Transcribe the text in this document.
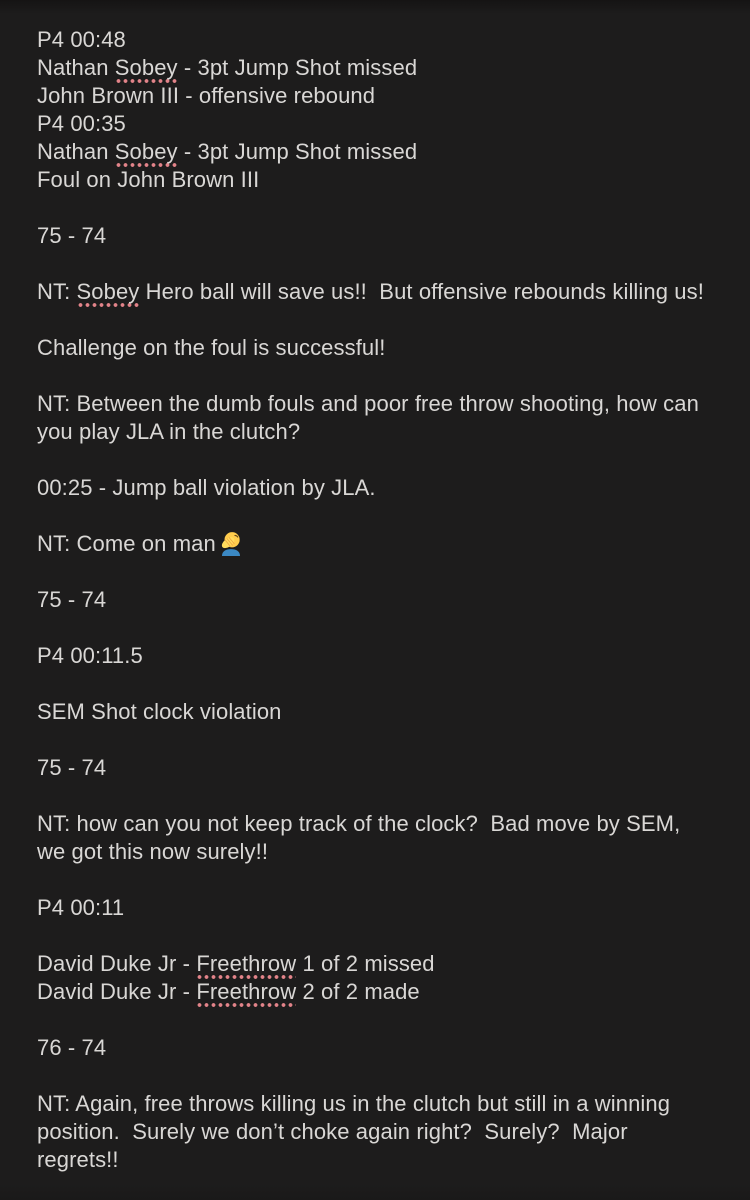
P4 00:48
Nathan Sobey - 3pt Jump Shot missed
John Brown III - offensive rebound
P4 00:35
Nathan Sobey - 3pt Jump Shot missed
Foul on John Brown III
75 - 74
NT: Sobey Hero ball will save us!!  But offensive rebounds killing us!
Challenge on the foul is successful!
NT: Between the dumb fouls and poor free throw shooting, how can
you play JLA in the clutch?
00:25 - Jump ball violation by JLA.
NT: Come on man
75 - 74
P4 00:11.5
SEM Shot clock violation
75 - 74
NT: how can you not keep track of the clock?  Bad move by SEM,
we got this now surely!!
P4 00:11
David Duke Jr - Freethrow 1 of 2 missed
David Duke Jr - Freethrow 2 of 2 made
76 - 74
NT: Again, free throws killing us in the clutch but still in a winning
position.  Surely we don’t choke again right?  Surely?  Major
regrets!!
